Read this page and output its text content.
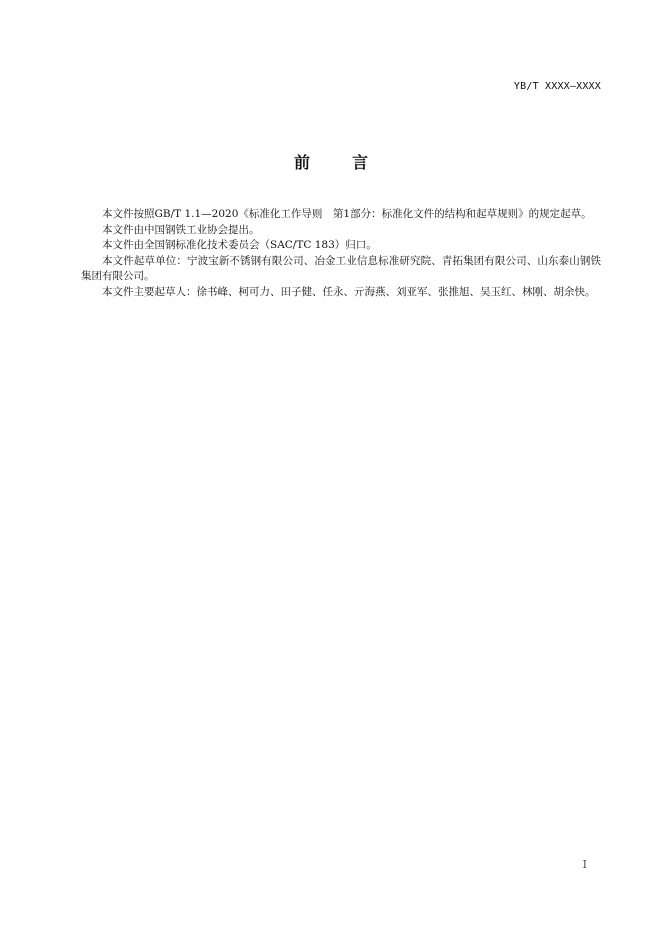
YB/T XXXX—XXXX
前言

本文件按照GB/T 1.1—2020《标准化工作导则　第1部分：标准化文件的结构和起草规则》的规定起草。

本文件由中国钢铁工业协会提出。

本文件由全国钢标准化技术委员会（SAC/TC 183）归口。

本文件起草单位：宁波宝新不锈钢有限公司、冶金工业信息标准研究院、青拓集团有限公司、山东泰山钢铁集团有限公司。

本文件主要起草人：徐书峰、柯可力、田子健、任永、亓海燕、刘亚军、张推旭、吴玉红、林刚、胡余快。

I
